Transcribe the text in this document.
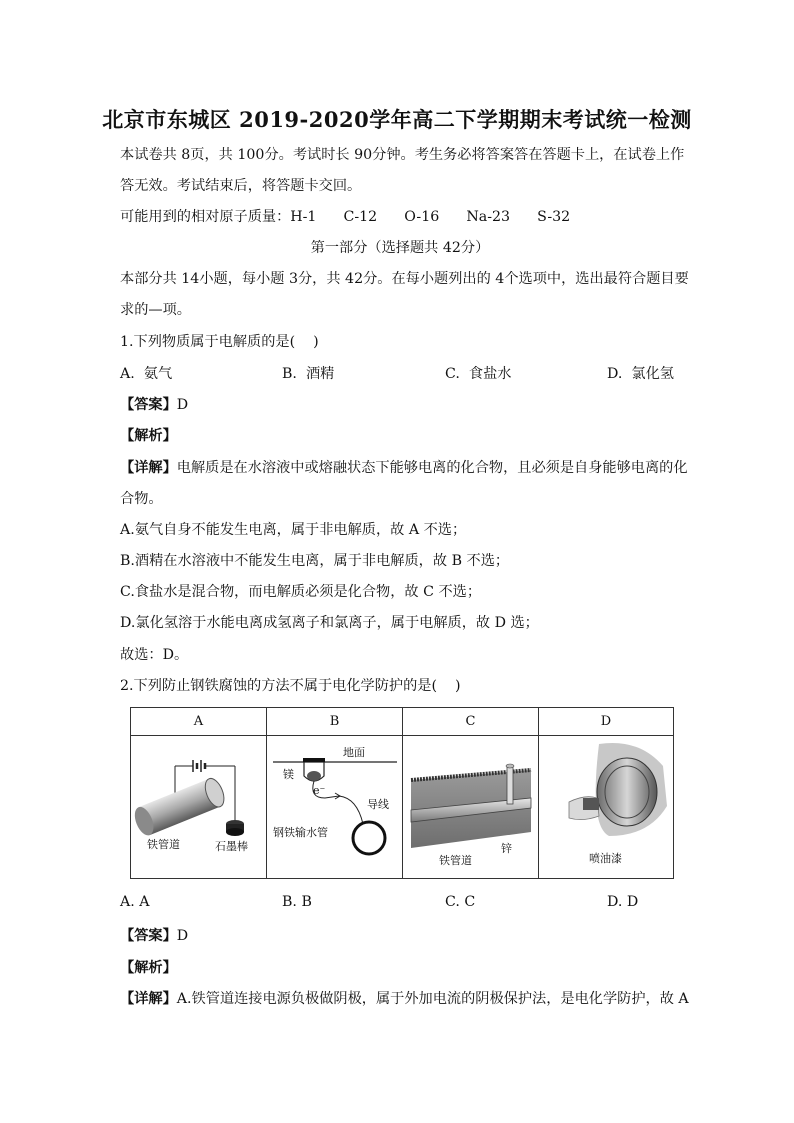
北京市东城区 2019-2020学年高二下学期期末考试统一检测
本试卷共 8页，共 100分。考试时长 90分钟。考生务必将答案答在答题卡上，在试卷上作
答无效。考试结束后，将答题卡交回。
可能用到的相对原子质量：H-1      C-12      O-16      Na-23      S-32
第一部分（选择题共 42分）
本部分共 14小题，每小题 3分，共 42分。在每小题列出的 4个选项中，选出最符合题目要
求的—项。
1.下列物质属于电解质的是(    )
A.  氨气	B.  酒精	C.  食盐水	D.  氯化氢
【答案】D
【解析】
【详解】电解质是在水溶液中或熔融状态下能够电离的化合物，且必须是自身能够电离的化
合物。
A.氨气自身不能发生电离，属于非电解质，故 A 不选；
B.酒精在水溶液中不能发生电离，属于非电解质，故 B 不选；
C.食盐水是混合物，而电解质必须是化合物，故 C 不选；
D.氯化氢溶于水能电离成氢离子和氯离子，属于电解质，故 D 选；
故选：D。
2.下列防止钢铁腐蚀的方法不属于电化学防护的是(    )
A	B	C	D
铁管道	石墨棒
地面
镁
e⁻
导线
钢铁输水管
铁管道
锌
喷油漆
A. A	B. B	C. C	D. D
【答案】D
【解析】
【详解】A.铁管道连接电源负极做阴极，属于外加电流的阴极保护法，是电化学防护，故 A
